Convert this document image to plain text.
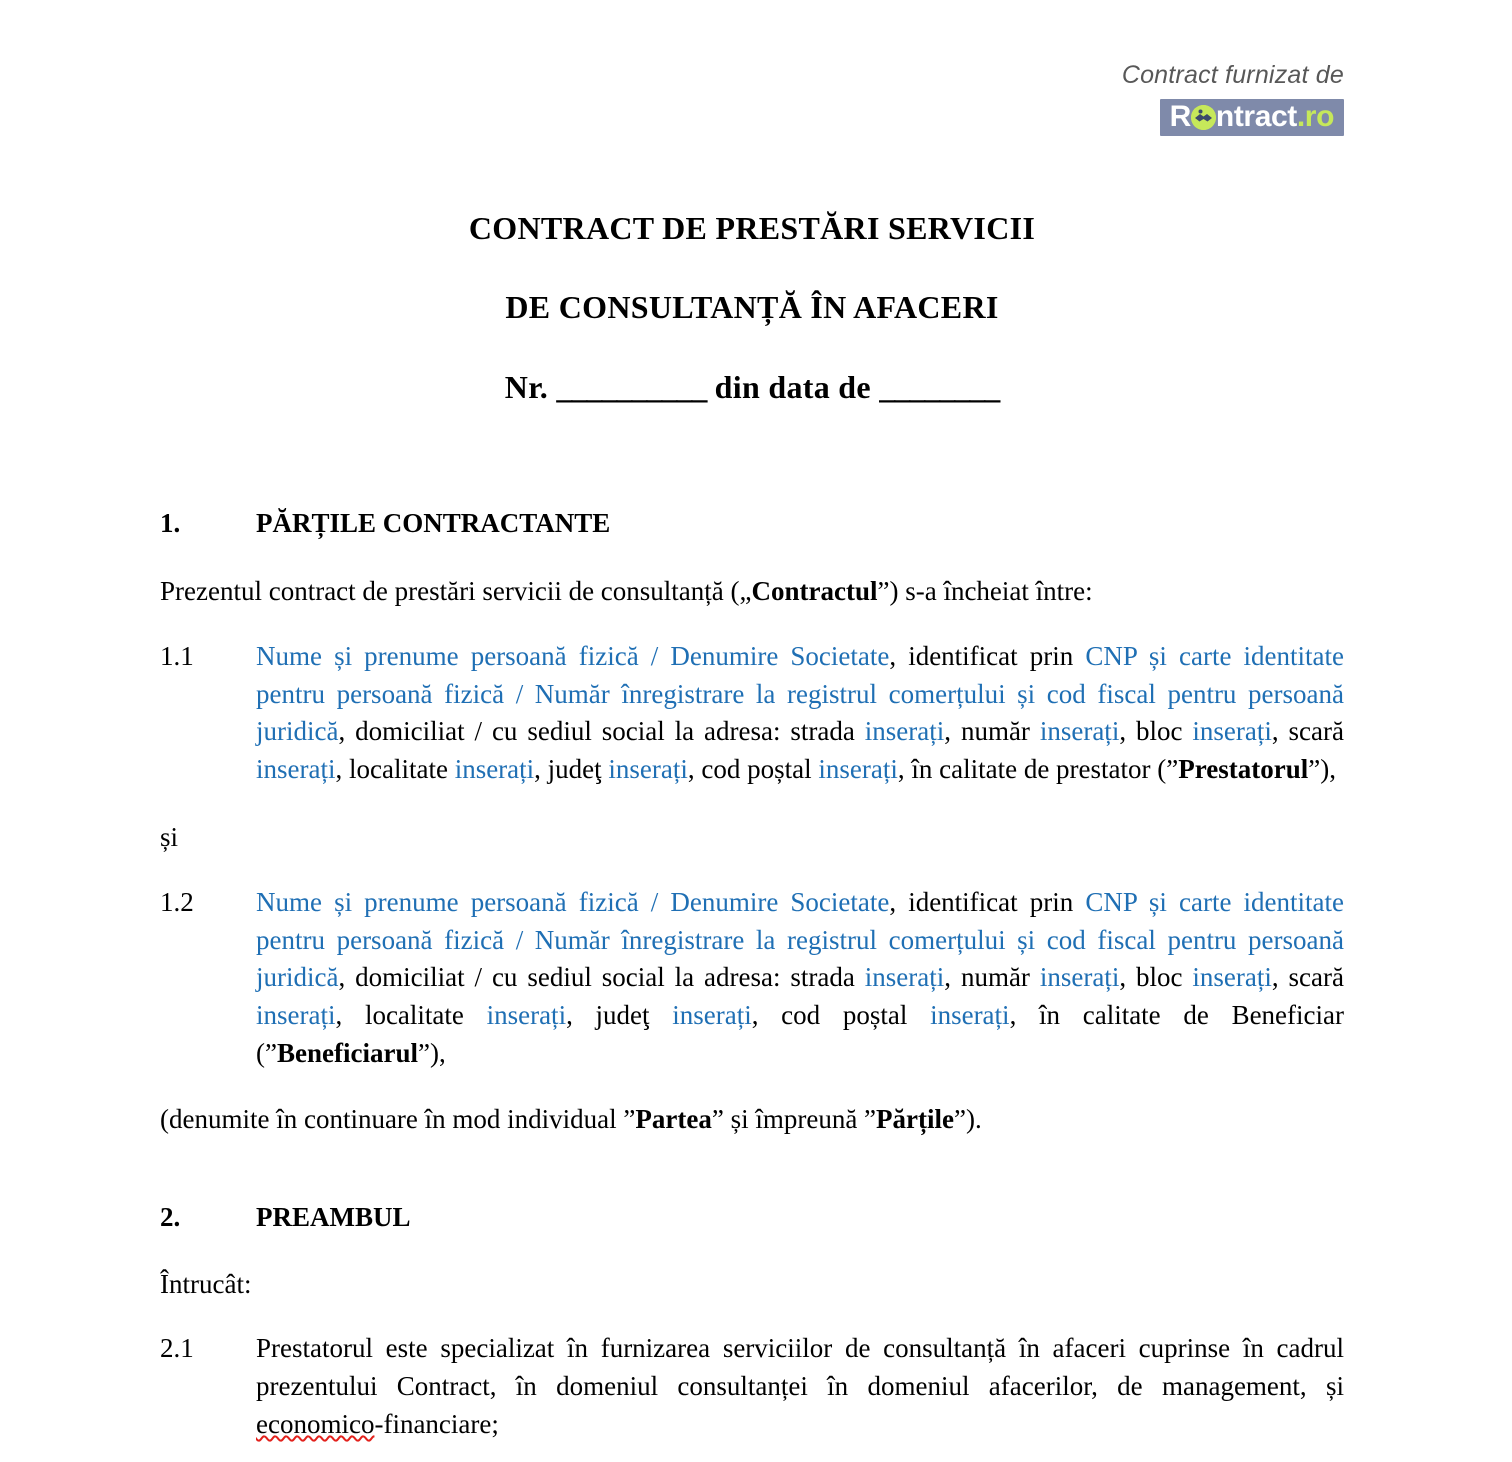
Contract furnizat de
R ntract .ro
CONTRACT DE PRESTĂRI SERVICII
DE CONSULTANȚĂ ÎN AFACERI
Nr. __________ din data de ________
1.	PĂRȚILE CONTRACTANTE
Prezentul contract de prestări servicii de consultanță („Contractul”) s-a încheiat între:
1.1	Nume și prenume persoană fizică / Denumire Societate, identificat prin CNP și carte identitate pentru persoană fizică / Număr înregistrare la registrul comerțului și cod fiscal pentru persoană juridică, domiciliat / cu sediul social la adresa: strada inserați, număr inserați, bloc inserați, scară inserați, localitate inserați, judeţ inserați, cod poștal inserați, în calitate de prestator (”Prestatorul”),
și
1.2	Nume și prenume persoană fizică / Denumire Societate, identificat prin CNP și carte identitate pentru persoană fizică / Număr înregistrare la registrul comerțului și cod fiscal pentru persoană juridică, domiciliat / cu sediul social la adresa: strada inserați, număr inserați, bloc inserați, scară inserați, localitate inserați, judeţ inserați, cod poștal inserați, în calitate de Beneficiar (”Beneficiarul”),
(denumite în continuare în mod individual ”Partea” și împreună ”Părțile”).
2.	PREAMBUL
Întrucât:
2.1	Prestatorul este specializat în furnizarea serviciilor de consultanță în afaceri cuprinse în cadrul prezentului Contract, în domeniul consultanței în domeniul afacerilor, de management, și economico-financiare;
